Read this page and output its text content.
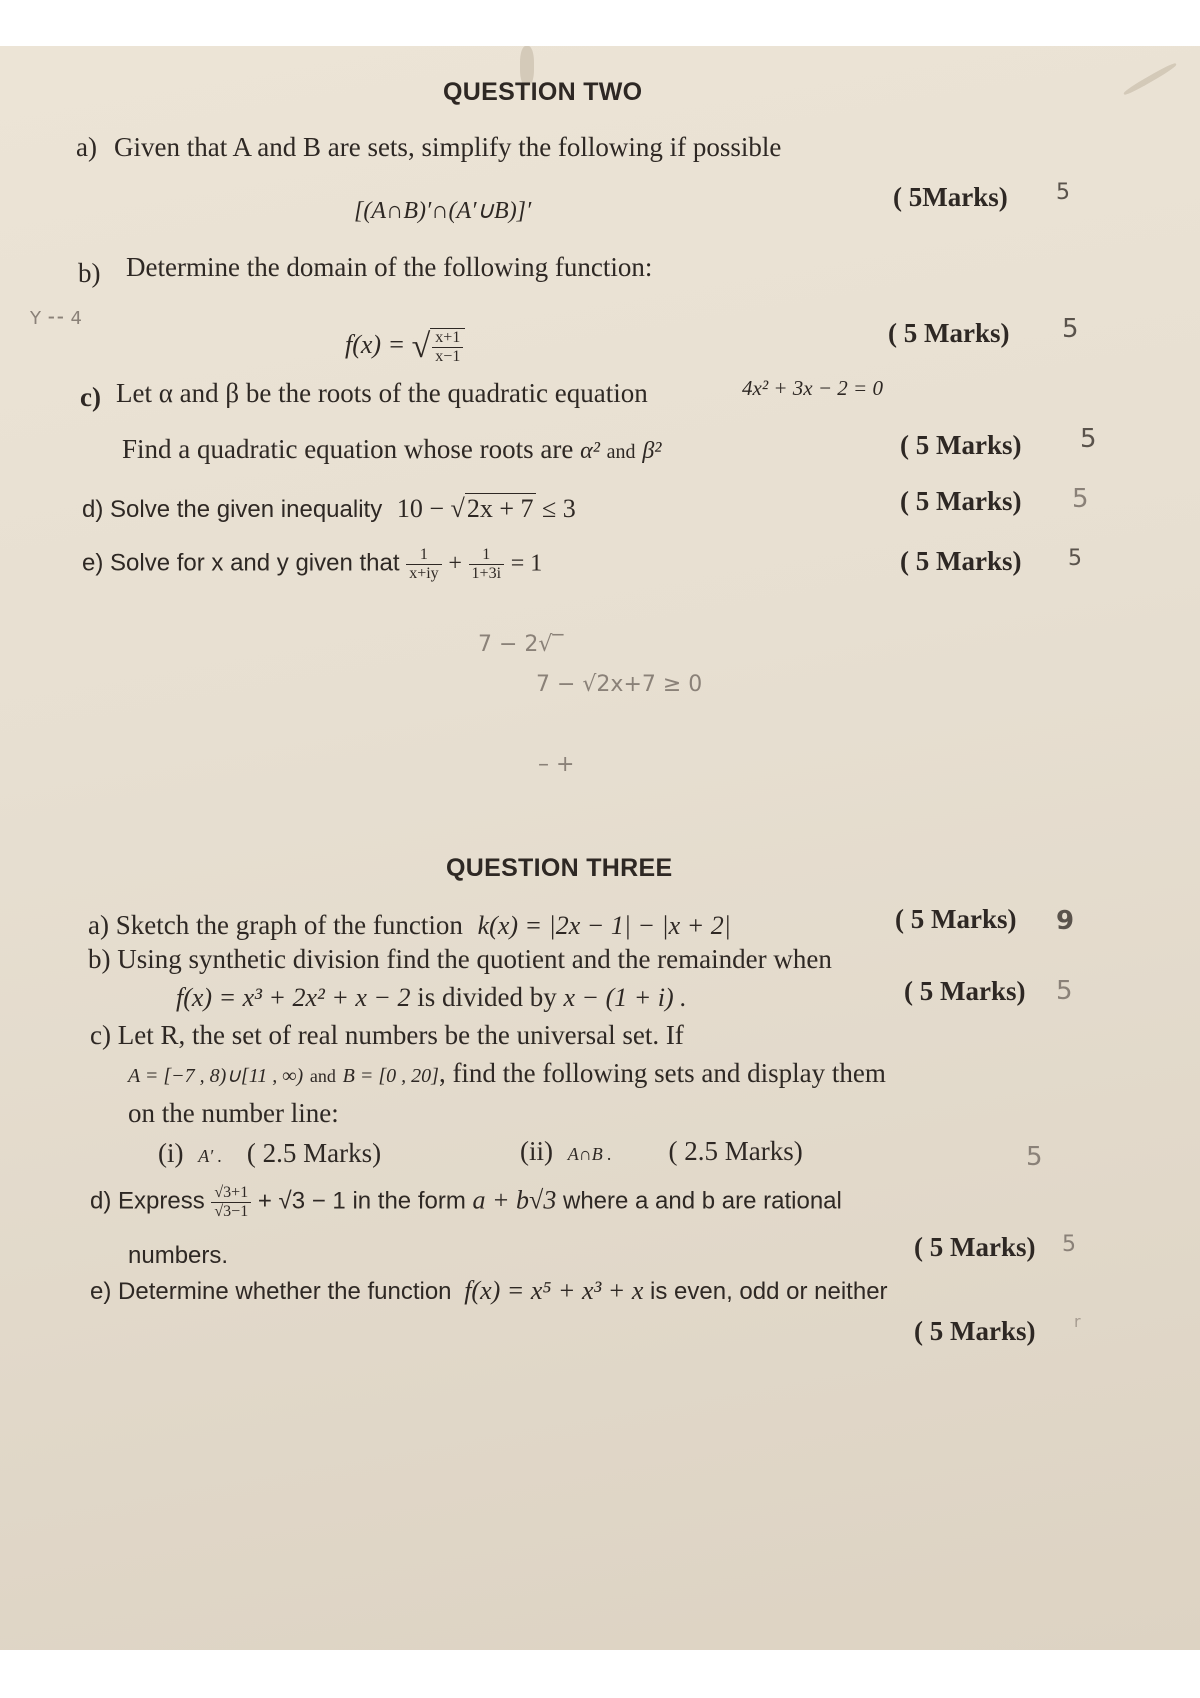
QUESTION TWO
a) Given that A and B are sets, simplify the following if possible
[(A∩B)′∩(A′∪B)]′	( 5Marks) 5
b) Determine the domain of the following function:
Y ⁃⁃ 4
f(x) = √ $\frac{x+1}{x-1}$	( 5 Marks) 5
c) Let α and β be the roots of the quadratic equation	4x² + 3x − 2 = 0
Find a quadratic equation whose roots are α² and β²	( 5 Marks) 5
d) Solve the given inequality 10 − √2x + 7 ≤ 3	( 5 Marks) 5
e) Solve for x and y given that $\frac{1}{x+iy} + \frac{1}{1+3i} = 1$	( 5 Marks) 5
7 − 2√‾
7 − √2x+7 ≥ 0
– +
QUESTION THREE
a) Sketch the graph of the function k(x) = |2x − 1| − |x + 2|	( 5 Marks) 9
b) Using synthetic division find the quotient and the remainder when
f(x) = x³ + 2x² + x − 2 is divided by x − (1 + i) .	( 5 Marks) 5
c) Let R, the set of real numbers be the universal set. If
A = [−7 , 8)∪[11 , ∞) and B = [0 , 20], find the following sets and display them
on the number line:
(i) A′ . ( 2.5 Marks)	(ii) A∩B . ( 2.5 Marks)	5
d) Express $\frac{√3+1}{√3-1} + √3 - 1$ in the form a + b√3 where a and b are rational
numbers.	( 5 Marks) 5
e) Determine whether the function f(x) = x⁵ + x³ + x is even, odd or neither
( 5 Marks) r
